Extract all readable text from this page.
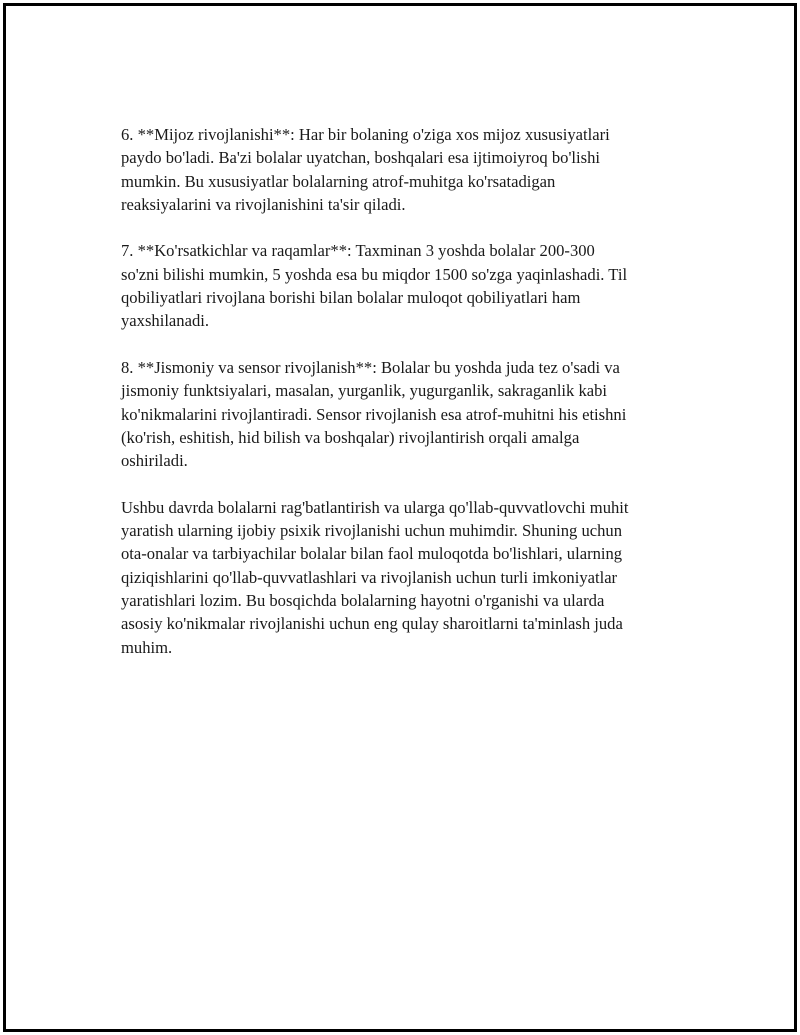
6. **Mijoz rivojlanishi**: Har bir bolaning o'ziga xos mijoz xususiyatlari
paydo bo'ladi. Ba'zi bolalar uyatchan, boshqalari esa ijtimoiyroq bo'lishi
mumkin. Bu xususiyatlar bolalarning atrof-muhitga ko'rsatadigan
reaksiyalarini va rivojlanishini ta'sir qiladi.

7. **Ko'rsatkichlar va raqamlar**: Taxminan 3 yoshda bolalar 200-300
so'zni bilishi mumkin, 5 yoshda esa bu miqdor 1500 so'zga yaqinlashadi. Til
qobiliyatlari rivojlana borishi bilan bolalar muloqot qobiliyatlari ham
yaxshilanadi.

8. **Jismoniy va sensor rivojlanish**: Bolalar bu yoshda juda tez o'sadi va
jismoniy funktsiyalari, masalan, yurganlik, yugurganlik, sakraganlik kabi
ko'nikmalarini rivojlantiradi. Sensor rivojlanish esa atrof-muhitni his etishni
(ko'rish, eshitish, hid bilish va boshqalar) rivojlantirish orqali amalga
oshiriladi.

Ushbu davrda bolalarni rag'batlantirish va ularga qo'llab-quvvatlovchi muhit
yaratish ularning ijobiy psixik rivojlanishi uchun muhimdir. Shuning uchun
ota-onalar va tarbiyachilar bolalar bilan faol muloqotda bo'lishlari, ularning
qiziqishlarini qo'llab-quvvatlashlari va rivojlanish uchun turli imkoniyatlar
yaratishlari lozim. Bu bosqichda bolalarning hayotni o'rganishi va ularda
asosiy ko'nikmalar rivojlanishi uchun eng qulay sharoitlarni ta'minlash juda
muhim.
